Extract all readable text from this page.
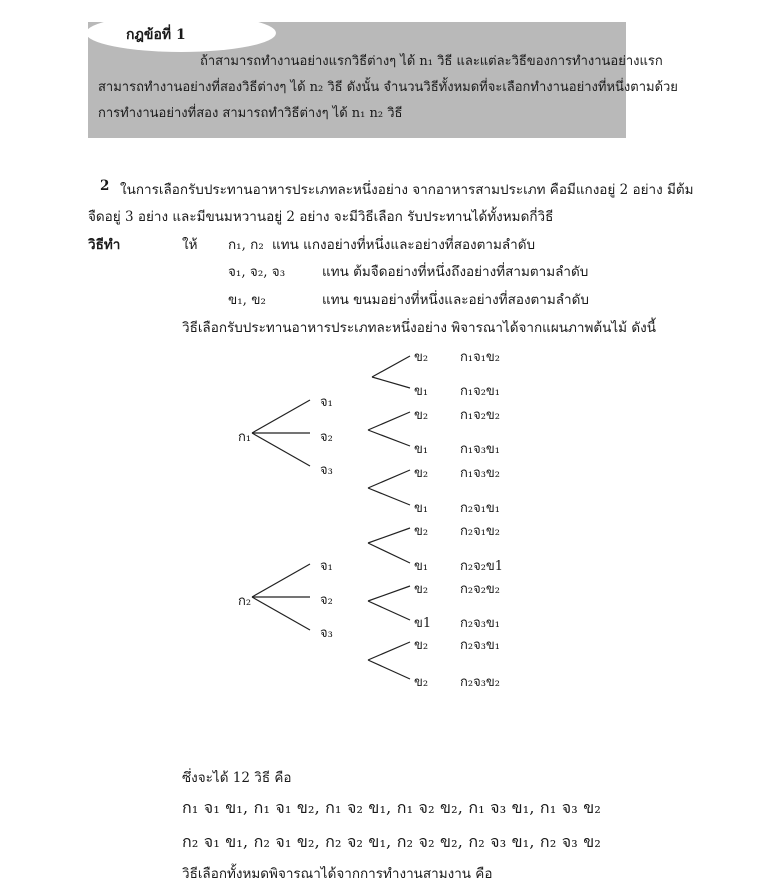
กฎข้อที่ 1
ถ้าสามารถทำงานอย่างแรกวิธีต่างๆ ได้ n₁ วิธี และแต่ละวิธีของการทำงานอย่างแรก
สามารถทำงานอย่างที่สองวิธีต่างๆ ได้ n₂ วิธี ดังนั้น จำนวนวิธีทั้งหมดที่จะเลือกทำงานอย่างที่หนึ่งตามด้วย
การทำงานอย่างที่สอง สามารถทำวิธีต่างๆ ได้ n₁ n₂ วิธี
2 ในการเลือกรับประทานอาหารประเภทละหนึ่งอย่าง จากอาหารสามประเภท คือมีแกงอยู่ 2 อย่าง มีต้ม
จืดอยู่ 3 อย่าง และมีขนมหวานอยู่ 2 อย่าง จะมีวิธีเลือก รับประทานได้ทั้งหมดกี่วิธี
วิธีทำ	ให้ ก₁, ก₂ แทน แกงอย่างที่หนึ่งและอย่างที่สองตามลำดับ
จ₁, จ₂, จ₃	แทน ต้มจืดอย่างที่หนึ่งถึงอย่างที่สามตามลำดับ
ข₁, ข₂	แทน ขนมอย่างที่หนึ่งและอย่างที่สองตามลำดับ
วิธีเลือกรับประทานอาหารประเภทละหนึ่งอย่าง พิจารณาได้จากแผนภาพต้นไม้ ดังนี้
ก₁
ก₂
จ₁
จ₂
จ₃
จ₁
จ₂
จ₃
ข₂
ข₁
ข₂
ข₁
ข₂
ข₁
ข₂
ข₁
ข₂
ข1
ข₂
ข₂
ก₁จ₁ข₂
ก₁จ₂ข₁
ก₁จ₂ข₂
ก₁จ₃ข₁
ก₁จ₃ข₂
ก₂จ₁ข₁
ก₂จ₁ข₂
ก₂จ₂ข1
ก₂จ₂ข₂
ก₂จ₃ข₁
ก₂จ₃ข₁
ก₂จ₃ข₂
ซึ่งจะได้ 12 วิธี คือ
ก₁ จ₁ ข₁, ก₁ จ₁ ข₂, ก₁ จ₂ ข₁, ก₁ จ₂ ข₂, ก₁ จ₃ ข₁, ก₁ จ₃ ข₂
ก₂ จ₁ ข₁, ก₂ จ₁ ข₂, ก₂ จ₂ ข₁, ก₂ จ₂ ข₂, ก₂ จ₃ ข₁, ก₂ จ₃ ข₂
วิธีเลือกทั้งหมดพิจารณาได้จากการทำงานสามงาน คือ
